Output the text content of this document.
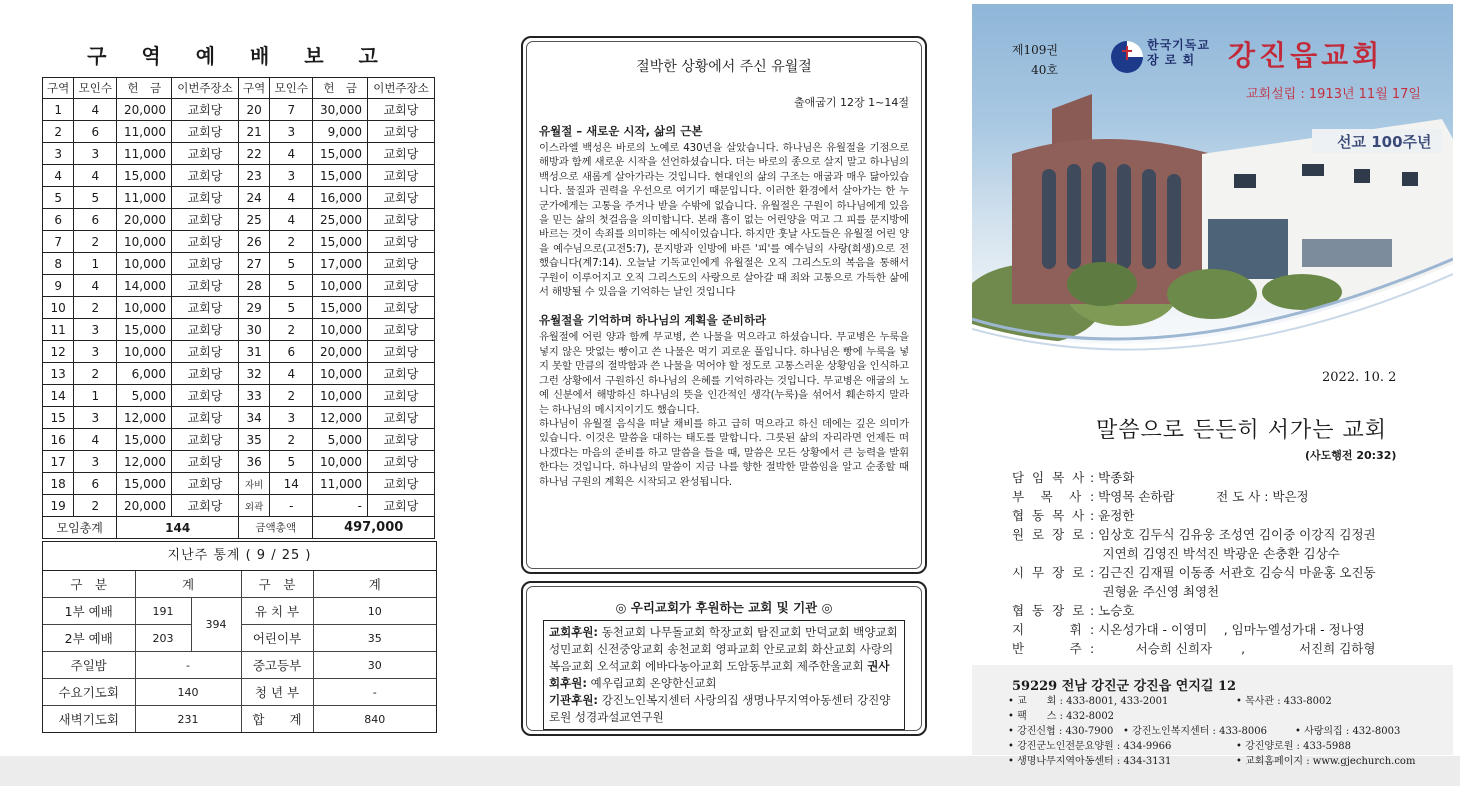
구 역 예 배 보 고
구역	모인수	헌　금	이번주장소	구역	모인수	헌　금	이번주장소
1	4	20,000	교회당	20	7	30,000	교회당
2	6	11,000	교회당	21	3	9,000	교회당
3	3	11,000	교회당	22	4	15,000	교회당
4	4	15,000	교회당	23	3	15,000	교회당
5	5	11,000	교회당	24	4	16,000	교회당
6	6	20,000	교회당	25	4	25,000	교회당
7	2	10,000	교회당	26	2	15,000	교회당
8	1	10,000	교회당	27	5	17,000	교회당
9	4	14,000	교회당	28	5	10,000	교회당
10	2	10,000	교회당	29	5	15,000	교회당
11	3	15,000	교회당	30	2	10,000	교회당
12	3	10,000	교회당	31	6	20,000	교회당
13	2	6,000	교회당	32	4	10,000	교회당
14	1	5,000	교회당	33	2	10,000	교회당
15	3	12,000	교회당	34	3	12,000	교회당
16	4	15,000	교회당	35	2	5,000	교회당
17	3	12,000	교회당	36	5	10,000	교회당
18	6	15,000	교회당	자비	14	11,000	교회당
19	2	20,000	교회당	외곽	-	-	교회당
모임총계		144		금액총액		497,000	
지난주 통계 ( 9 / 25 )
구　분	계		구　분	계
1부 예배	191	394	유 치 부	10
2부 예배	203		어린이부	35
주일밤	-		중고등부	30
수요기도회	140		청 년 부	-
새벽기도회	231		합　　계	840
절박한 상황에서 주신 유월절
출애굽기 12장 1~14절
유월절 – 새로운 시작, 삶의 근본

이스라엘 백성은 바로의 노예로 430년을 살았습니다. 하나님은 유월절을 기점으로 해방과 함께 새로운 시작을 선언하셨습니다. 더는 바로의 종으로 살지 말고 하나님의 백성으로 새롭게 살아가라는 것입니다. 현대인의 삶의 구조는 애굽과 매우 닮아있습니다. 물질과 권력을 우선으로 여기기 때문입니다. 이러한 환경에서 살아가는 한 누군가에게는 고통을 주거나 받을 수밖에 없습니다. 유월절은 구원이 하나님에게 있음을 믿는 삶의 첫걸음을 의미합니다. 본래 흠이 없는 어린양을 먹고 그 피를 문지방에 바르는 것이 속죄를 의미하는 예식이었습니다. 하지만 훗날 사도들은 유월절 어린 양을 예수님으로(고전5:7), 문지방과 인방에 바른 '피'를 예수님의 사랑(희생)으로 전했습니다(계7:14). 오늘날 기독교인에게 유월절은 오직 그리스도의 복음을 통해서 구원이 이루어지고 오직 그리스도의 사랑으로 살아갈 때 죄와 고통으로 가득한 삶에서 해방될 수 있음을 기억하는 날인 것입니다

유월절을 기억하며 하나님의 계획을 준비하라

유월절에 어린 양과 함께 무교병, 쓴 나물을 먹으라고 하셨습니다. 무교병은 누룩을 넣지 않은 맛없는 빵이고 쓴 나물은 먹기 괴로운 풀입니다. 하나님은 빵에 누룩을 넣지 못할 만큼의 절박함과 쓴 나물을 먹어야 할 정도로 고통스러운 상황임을 인식하고 그런 상황에서 구원하신 하나님의 은혜를 기억하라는 것입니다. 무교병은 애굽의 노예 신분에서 해방하신 하나님의 뜻을 인간적인 생각(누룩)을 섞어서 훼손하지 말라는 하나님의 메시지이기도 했습니다.

하나님이 유월절 음식을 떠날 채비를 하고 급히 먹으라고 하신 데에는 깊은 의미가 있습니다. 이것은 말씀을 대하는 태도를 말합니다. 그릇된 삶의 자리라면 언제든 떠나겠다는 마음의 준비를 하고 말씀을 들을 때, 말씀은 모든 상황에서 큰 능력을 발휘한다는 것입니다. 하나님의 말씀이 지금 나를 향한 절박한 말씀임을 알고 순종할 때 하나님 구원의 계획은 시작되고 완성됩니다.

◎ 우리교회가 후원하는 교회 및 기관 ◎
교회후원: 동천교회 나무돌교회 학장교회 탐진교회 만덕교회 백양교회 성민교회 신전중앙교회 송천교회 영파교회 안로교회 화산교회 사랑의복음교회 오석교회 에바다농아교회 도암동부교회 제주한울교회 권사회후원: 예우림교회 온양한신교회
기관후원: 강진노인복지센터 사랑의집 생명나무지역아동센터 강진양로원 성경과설교연구원
선교 100주년
제109권
40호
한국기독교
장 로 회	강진읍교회
교회설립 : 1913년 11월 17일
2022. 10. 2
말씀으로 든든히 서가는 교회
(사도행전 20:32)
담 임 목 사 : 박종화
부　목　사 : 박영목 손하람　　　 전 도 사 : 박은정
협 동 목 사 : 윤정한
원 로 장 로 : 임상호 김두식 김유웅 조성연 김이중 이강직 김정권
　지연희 김영진 박석진 박광운 손충환 김상수
시 무 장 로 : 김근진 김재필 이동종 서관호 김승식 마윤홍 오진동
　권형윤 주신영 최영천
협 동 장 로 : 노승호
지　　　휘 : 시온성가대 - 이영미　 , 임마누엘성가대 - 정나영
반　　　주 :　　　 서승희 신희자　　 ,　　　　 서진희 김하형
59229 전남 강진군 강진읍 연지길 12
• 교　　회 : 433-8001, 433-2001	• 목사관 : 433-8002
• 팩　　스 : 432-8002
• 강진신협 : 430-7900 • 강진노인복지센터 : 433-8006	• 사랑의집 : 432-8003
• 강진군노인전문요양원 : 434-9966	• 강진양로원 : 433-5988
• 생명나무지역아동센터 : 434-3131	• 교회홈페이지 : www.gjechurch.com
